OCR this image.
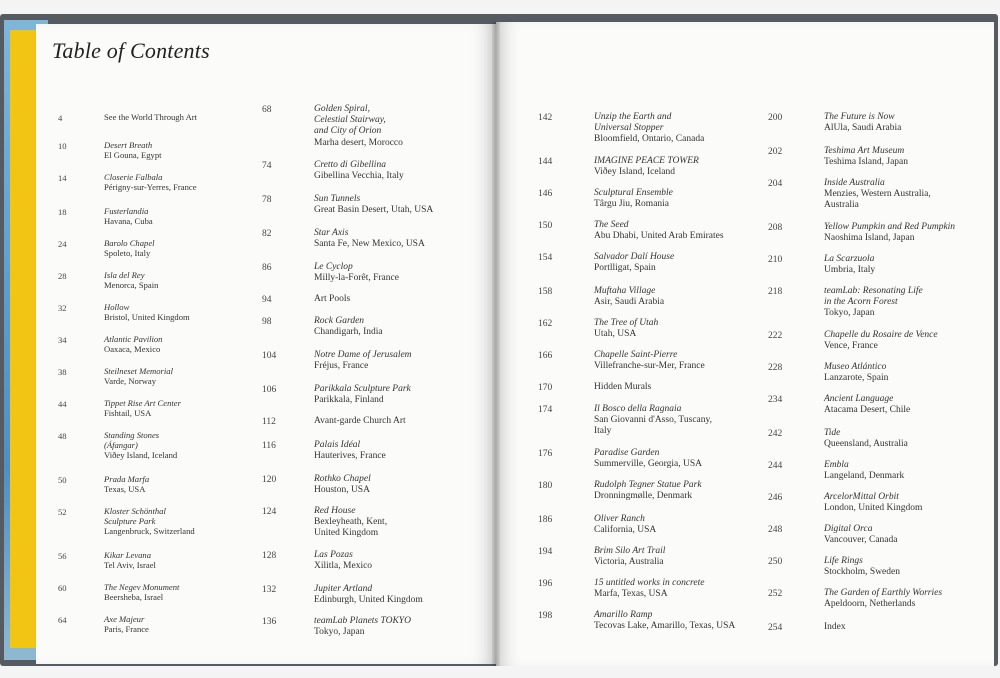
Table of Contents
4	See the World Through Art
10	Desert Breath
El Gouna, Egypt
14	Closerie Falbala
Périgny-sur-Yerres, France
18	Fusterlandia
Havana, Cuba
24	Barolo Chapel
Spoleto, Italy
28	Isla del Rey
Menorca, Spain
32	Hollow
Bristol, United Kingdom
34	Atlantic Pavilion
Oaxaca, Mexico
38	Steilneset Memorial
Varde, Norway
44	Tippet Rise Art Center
Fishtail, USA
48	Standing Stones
(Áfangar)
Viðey Island, Iceland
50	Prada Marfa
Texas, USA
52	Kloster Schönthal
Sculpture Park
Langenbruck, Switzerland
56	Kikar Levana
Tel Aviv, Israel
60	The Negev Monument
Beersheba, Israel
64	Axe Majeur
Paris, France
68	Golden Spiral,
Celestial Stairway,
and City of Orion
Marha desert, Morocco
74	Cretto di Gibellina
Gibellina Vecchia, Italy
78	Sun Tunnels
Great Basin Desert, Utah, USA
82	Star Axis
Santa Fe, New Mexico, USA
86	Le Cyclop
Milly-la-Forêt, France
94	Art Pools
98	Rock Garden
Chandigarh, India
104	Notre Dame of Jerusalem
Fréjus, France
106	Parikkala Sculpture Park
Parikkala, Finland
112	Avant-garde Church Art
116	Palais Idéal
Hauterives, France
120	Rothko Chapel
Houston, USA
124	Red House
Bexleyheath, Kent,
United Kingdom
128	Las Pozas
Xilitla, Mexico
132	Jupiter Artland
Edinburgh, United Kingdom
136	teamLab Planets TOKYO
Tokyo, Japan
142	Unzip the Earth and
Universal Stopper
Bloomfield, Ontario, Canada
144	IMAGINE PEACE TOWER
Viðey Island, Iceland
146	Sculptural Ensemble
Târgu Jiu, Romania
150	The Seed
Abu Dhabi, United Arab Emirates
154	Salvador Dalí House
Portlligat, Spain
158	Muftaha Village
Asir, Saudi Arabia
162	The Tree of Utah
Utah, USA
166	Chapelle Saint-Pierre
Villefranche-sur-Mer, France
170	Hidden Murals
174	Il Bosco della Ragnaia
San Giovanni d'Asso, Tuscany,
Italy
176	Paradise Garden
Summerville, Georgia, USA
180	Rudolph Tegner Statue Park
Dronningmølle, Denmark
186	Oliver Ranch
California, USA
194	Brim Silo Art Trail
Victoria, Australia
196	15 untitled works in concrete
Marfa, Texas, USA
198	Amarillo Ramp
Tecovas Lake, Amarillo, Texas, USA
200	The Future is Now
AlUla, Saudi Arabia
202	Teshima Art Museum
Teshima Island, Japan
204	Inside Australia
Menzies, Western Australia,
Australia
208	Yellow Pumpkin and Red Pumpkin
Naoshima Island, Japan
210	La Scarzuola
Umbria, Italy
218	teamLab: Resonating Life
in the Acorn Forest
Tokyo, Japan
222	Chapelle du Rosaire de Vence
Vence, France
228	Museo Atlántico
Lanzarote, Spain
234	Ancient Language
Atacama Desert, Chile
242	Tide
Queensland, Australia
244	Embla
Langeland, Denmark
246	ArcelorMittal Orbit
London, United Kingdom
248	Digital Orca
Vancouver, Canada
250	Life Rings
Stockholm, Sweden
252	The Garden of Earthly Worries
Apeldoorn, Netherlands
254	Index
